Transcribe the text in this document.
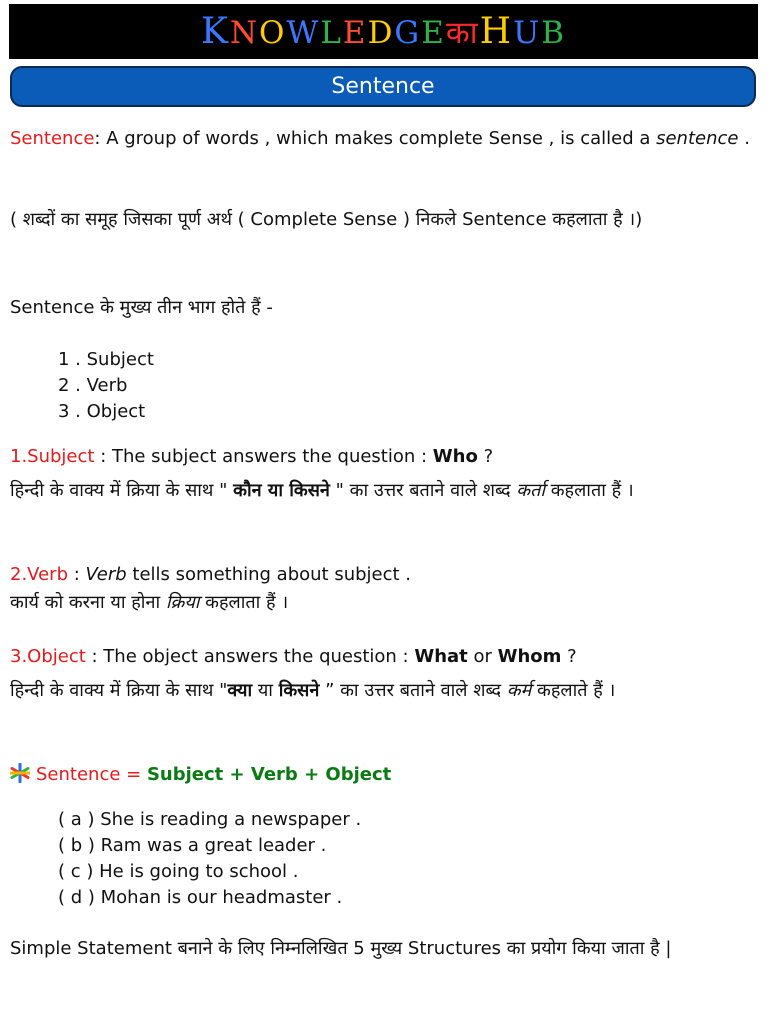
KNOWLEDGEकाHUB
Sentence
Sentence: A group of words , which makes complete Sense , is called a sentence .
( शब्दों का समूह जिसका पूर्ण अर्थ ( Complete Sense ) निकले Sentence कहलाता है ।)
Sentence के मुख्य तीन भाग होते हैं -
1 . Subject
2 . Verb
3 . Object
1.Subject : The subject answers the question : Who ?
हिन्दी के वाक्य में क्रिया के साथ " कौन या किसने " का उत्तर बताने वाले शब्द कर्ता कहलाता हैं ।
2.Verb : Verb tells something about subject .
कार्य को करना या होना क्रिया कहलाता हैं ।
3.Object : The object answers the question : What or Whom ?
हिन्दी के वाक्य में क्रिया के साथ "क्या या किसने ” का उत्तर बताने वाले शब्द कर्म कहलाते हैं ।
Sentence = Subject + Verb + Object
( a ) She is reading a newspaper .
( b ) Ram was a great leader .
( c ) He is going to school .
( d ) Mohan is our headmaster .
Simple Statement बनाने के लिए निम्नलिखित 5 मुख्य Structures का प्रयोग किया जाता है |
